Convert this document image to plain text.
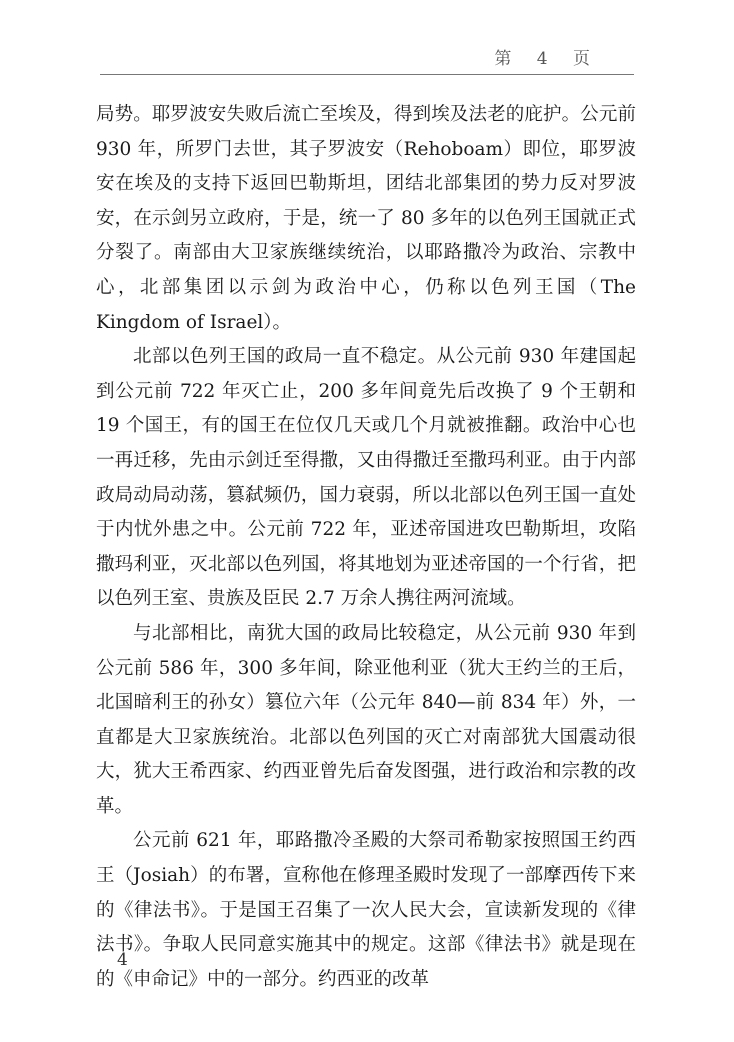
第 4 页

局势。耶罗波安失败后流亡至埃及，得到埃及法老的庇护。公元前 930 年，所罗门去世，其子罗波安（Rehoboam）即位，耶罗波安在埃及的支持下返回巴勒斯坦，团结北部集团的势力反对罗波安，在示剑另立政府，于是，统一了 80 多年的以色列王国就正式分裂了。南部由大卫家族继续统治，以耶路撒冷为政治、宗教中心，北部集团以示剑为政治中心，仍称以色列王国（The Kingdom of Israel）。

北部以色列王国的政局一直不稳定。从公元前 930 年建国起到公元前 722 年灭亡止，200 多年间竟先后改换了 9 个王朝和 19 个国王，有的国王在位仅几天或几个月就被推翻。政治中心也一再迁移，先由示剑迁至得撒，又由得撒迁至撒玛利亚。由于内部政局动局动荡，篡弑频仍，国力衰弱，所以北部以色列王国一直处于内忧外患之中。公元前 722 年，亚述帝国进攻巴勒斯坦，攻陷撒玛利亚，灭北部以色列国，将其地划为亚述帝国的一个行省，把以色列王室、贵族及臣民 2.7 万余人携往两河流域。

与北部相比，南犹大国的政局比较稳定，从公元前 930 年到公元前 586 年，300 多年间，除亚他利亚（犹大王约兰的王后，北国暗利王的孙女）篡位六年（公元年 840—前 834 年）外，一直都是大卫家族统治。北部以色列国的灭亡对南部犹大国震动很大，犹大王希西家、约西亚曾先后奋发图强，进行政治和宗教的改革。

公元前 621 年，耶路撒冷圣殿的大祭司希勒家按照国王约西王（Josiah）的布署，宣称他在修理圣殿时发现了一部摩西传下来的《律法书》。于是国王召集了一次人民大会，宣读新发现的《律法书》。争取人民同意实施其中的规定。这部《律法书》就是现在的《申命记》中的一部分。约西亚的改革

4
